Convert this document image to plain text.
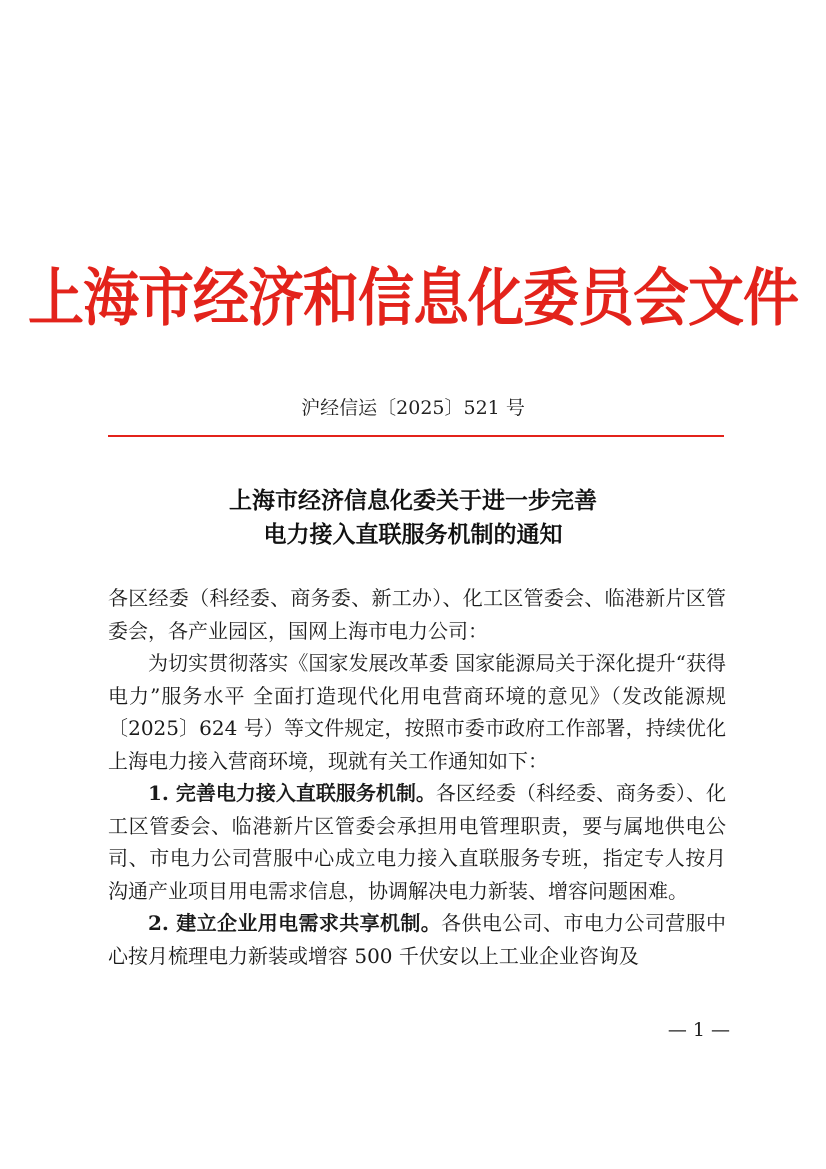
上海市经济和信息化委员会文件
沪经信运〔2025〕521 号
上海市经济信息化委关于进一步完善
电力接入直联服务机制的通知

各区经委（科经委、商务委、新工办）、化工区管委会、临港新片区管委会，各产业园区，国网上海市电力公司：

为切实贯彻落实《国家发展改革委 国家能源局关于深化提升“获得电力”服务水平 全面打造现代化用电营商环境的意见》（发改能源规〔2025〕624 号）等文件规定，按照市委市政府工作部署，持续优化上海电力接入营商环境，现就有关工作通知如下：

1. 完善电力接入直联服务机制。各区经委（科经委、商务委）、化工区管委会、临港新片区管委会承担用电管理职责，要与属地供电公司、市电力公司营服中心成立电力接入直联服务专班，指定专人按月沟通产业项目用电需求信息，协调解决电力新装、增容问题困难。

2. 建立企业用电需求共享机制。各供电公司、市电力公司营服中心按月梳理电力新装或增容 500 千伏安以上工业企业咨询及

— 1 —
